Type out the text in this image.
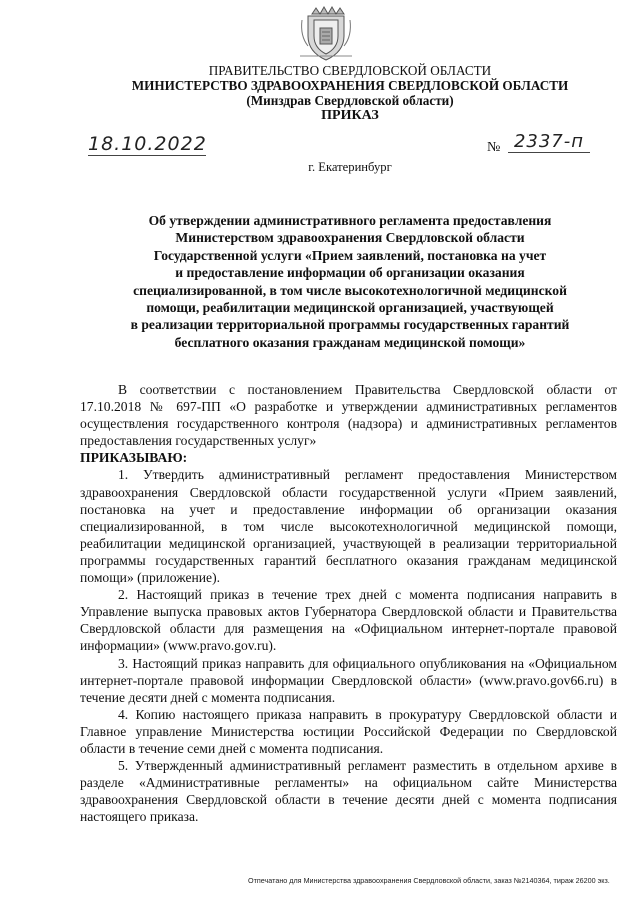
ПРАВИТЕЛЬСТВО СВЕРДЛОВСКОЙ ОБЛАСТИ
МИНИСТЕРСТВО ЗДРАВООХРАНЕНИЯ СВЕРДЛОВСКОЙ ОБЛАСТИ
(Минздрав Свердловской области)
ПРИКАЗ
18.10.2022	№ 2337-п
г. Екатеринбург
Об утверждении административного регламента предоставления
Министерством здравоохранения Свердловской области
Государственной услуги «Прием заявлений, постановка на учет
и предоставление информации об организации оказания
специализированной, в том числе высокотехнологичной медицинской
помощи, реабилитации медицинской организацией, участвующей
в реализации территориальной программы государственных гарантий
бесплатного оказания гражданам медицинской помощи»

В соответствии с постановлением Правительства Свердловской области от 17.10.2018 № 697-ПП «О разработке и утверждении административных регламентов осуществления государственного контроля (надзора) и административных регламентов предоставления государственных услуг»

ПРИКАЗЫВАЮ:

1. Утвердить административный регламент предоставления Министерством здравоохранения Свердловской области государственной услуги «Прием заявлений, постановка на учет и предоставление информации об организации оказания специализированной, в том числе высокотехнологичной медицинской помощи, реабилитации медицинской организацией, участвующей в реализации территориальной программы государственных гарантий бесплатного оказания гражданам медицинской помощи» (приложение).

2. Настоящий приказ в течение трех дней с момента подписания направить в Управление выпуска правовых актов Губернатора Свердловской области и Правительства Свердловской области для размещения на «Официальном интернет-портале правовой информации» (www.pravo.gov.ru).

3. Настоящий приказ направить для официального опубликования на «Официальном интернет-портале правовой информации Свердловской области» (www.pravo.gov66.ru) в течение десяти дней с момента подписания.

4. Копию настоящего приказа направить в прокуратуру Свердловской области и Главное управление Министерства юстиции Российской Федерации по Свердловской области в течение семи дней с момента подписания.

5. Утвержденный административный регламент разместить в отдельном архиве в разделе «Административные регламенты» на официальном сайте Министерства здравоохранения Свердловской области в течение десяти дней с момента подписания настоящего приказа.

Отпечатано для Министерства здравоохранения Свердловской области, заказ №2140364, тираж 26200 экз.
